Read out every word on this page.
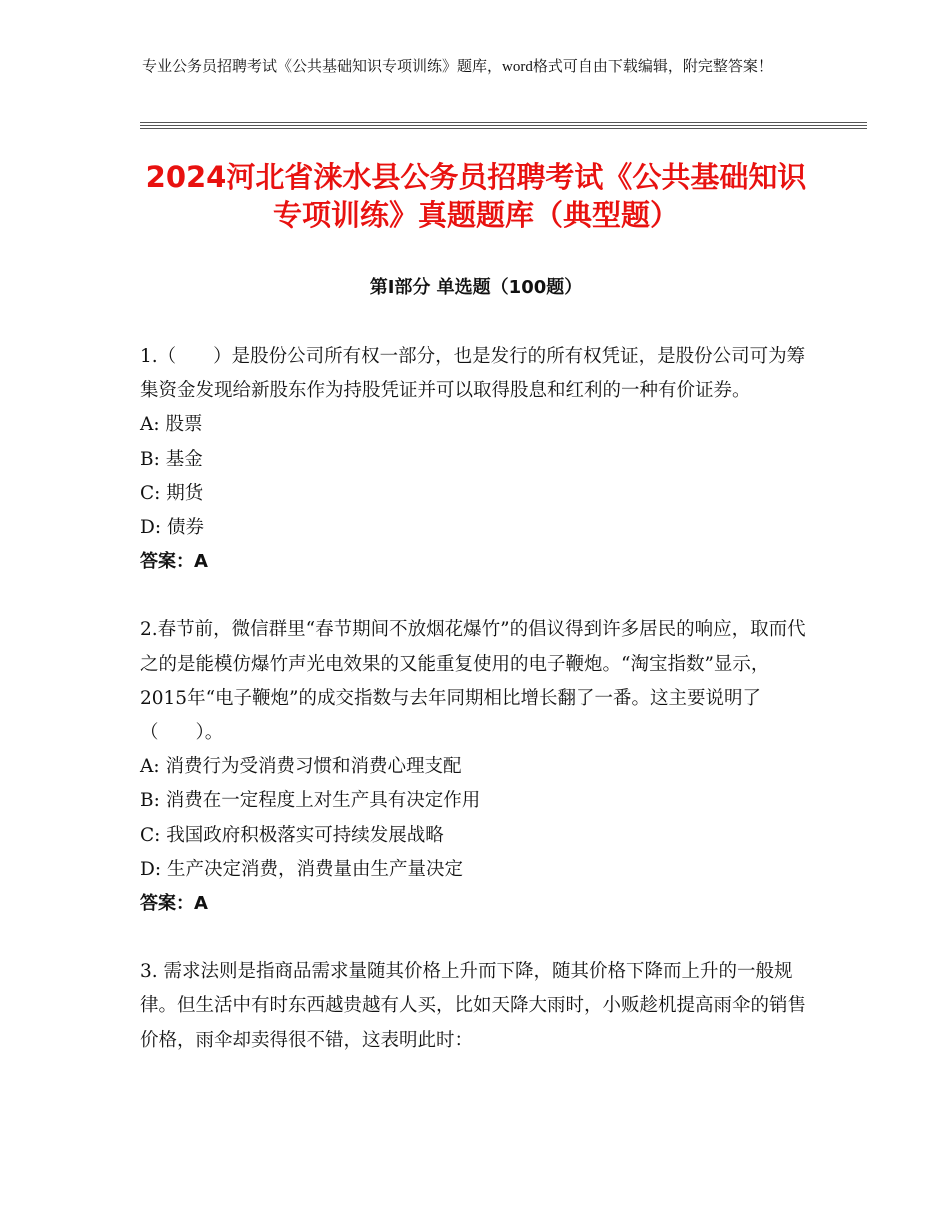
专业公务员招聘考试《公共基础知识专项训练》题库，word格式可自由下载编辑，附完整答案！
2024河北省涞水县公务员招聘考试《公共基础知识专项训练》真题题库（典型题）
第Ⅰ部分 单选题（100题）

1.（　　）是股份公司所有权一部分，也是发行的所有权凭证，是股份公司可为筹集资金发现给新股东作为持股凭证并可以取得股息和红利的一种有价证券。

A: 股票

B: 基金

C: 期货

D: 债券

答案：A

2.春节前，微信群里“春节期间不放烟花爆竹”的倡议得到许多居民的响应，取而代之的是能模仿爆竹声光电效果的又能重复使用的电子鞭炮。“淘宝指数”显示，2015年“电子鞭炮”的成交指数与去年同期相比增长翻了一番。这主要说明了（　　）。

A: 消费行为受消费习惯和消费心理支配

B: 消费在一定程度上对生产具有决定作用

C: 我国政府积极落实可持续发展战略

D: 生产决定消费，消费量由生产量决定

答案：A

3. 需求法则是指商品需求量随其价格上升而下降，随其价格下降而上升的一般规律。但生活中有时东西越贵越有人买，比如天降大雨时，小贩趁机提高雨伞的销售价格，雨伞却卖得很不错，这表明此时：
